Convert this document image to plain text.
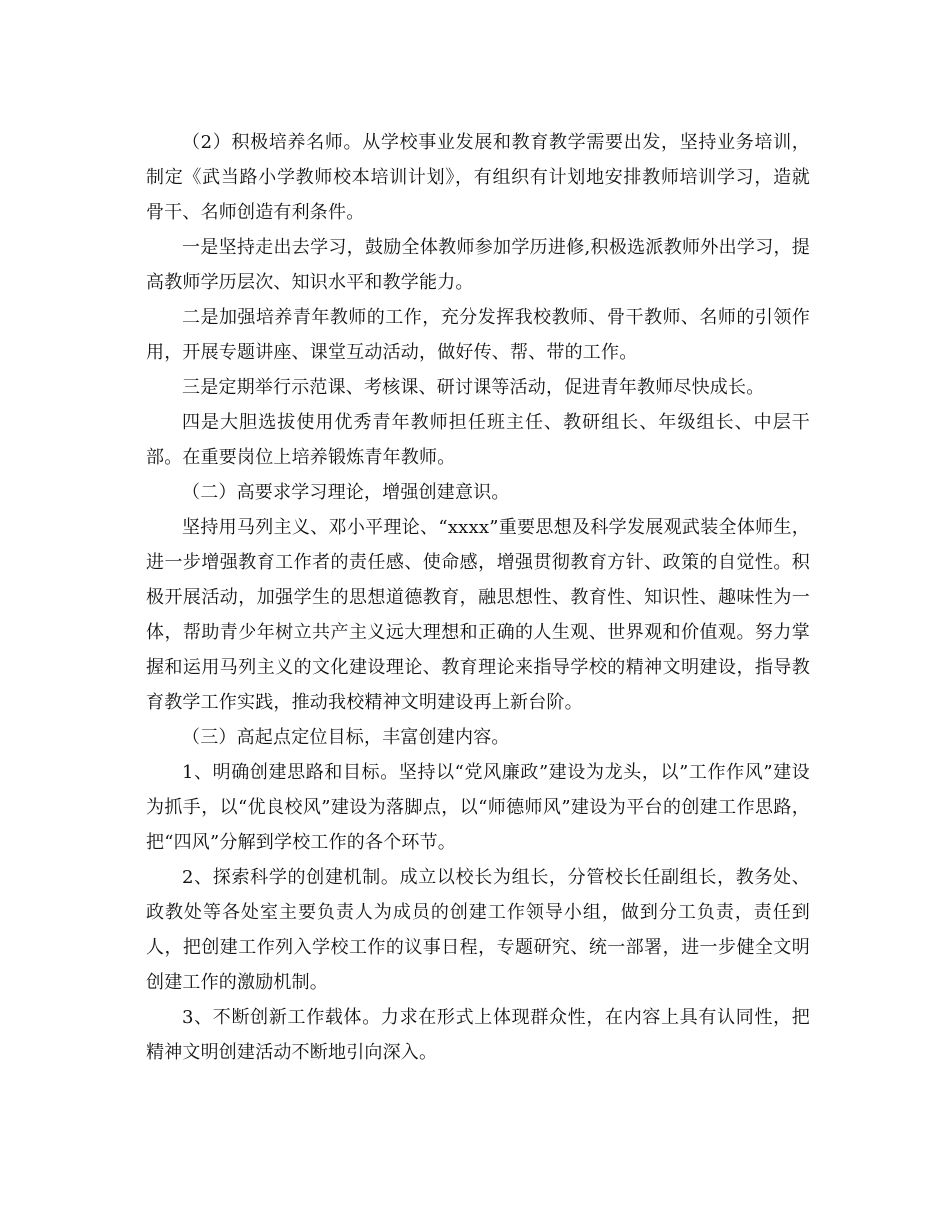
（2）积极培养名师。从学校事业发展和教育教学需要出发，坚持业务培训，制定《武当路小学教师校本培训计划》，有组织有计划地安排教师培训学习，造就骨干、名师创造有利条件。

一是坚持走出去学习，鼓励全体教师参加学历进修,积极选派教师外出学习，提高教师学历层次、知识水平和教学能力。

二是加强培养青年教师的工作，充分发挥我校教师、骨干教师、名师的引领作用，开展专题讲座、课堂互动活动，做好传、帮、带的工作。

三是定期举行示范课、考核课、研讨课等活动，促进青年教师尽快成长。

四是大胆选拔使用优秀青年教师担任班主任、教研组长、年级组长、中层干部。在重要岗位上培养锻炼青年教师。

（二）高要求学习理论，增强创建意识。

坚持用马列主义、邓小平理论、“xxxx”重要思想及科学发展观武装全体师生，进一步增强教育工作者的责任感、使命感，增强贯彻教育方针、政策的自觉性。积极开展活动，加强学生的思想道德教育，融思想性、教育性、知识性、趣味性为一体，帮助青少年树立共产主义远大理想和正确的人生观、世界观和价值观。努力掌握和运用马列主义的文化建设理论、教育理论来指导学校的精神文明建设，指导教育教学工作实践，推动我校精神文明建设再上新台阶。

（三）高起点定位目标，丰富创建内容。

1、明确创建思路和目标。坚持以“党风廉政”建设为龙头，以”工作作风”建设为抓手，以“优良校风”建设为落脚点，以“师德师风”建设为平台的创建工作思路，把“四风”分解到学校工作的各个环节。

2、探索科学的创建机制。成立以校长为组长，分管校长任副组长，教务处、政教处等各处室主要负责人为成员的创建工作领导小组，做到分工负责，责任到人，把创建工作列入学校工作的议事日程，专题研究、统一部署，进一步健全文明创建工作的激励机制。

3、不断创新工作载体。力求在形式上体现群众性，在内容上具有认同性，把精神文明创建活动不断地引向深入。
